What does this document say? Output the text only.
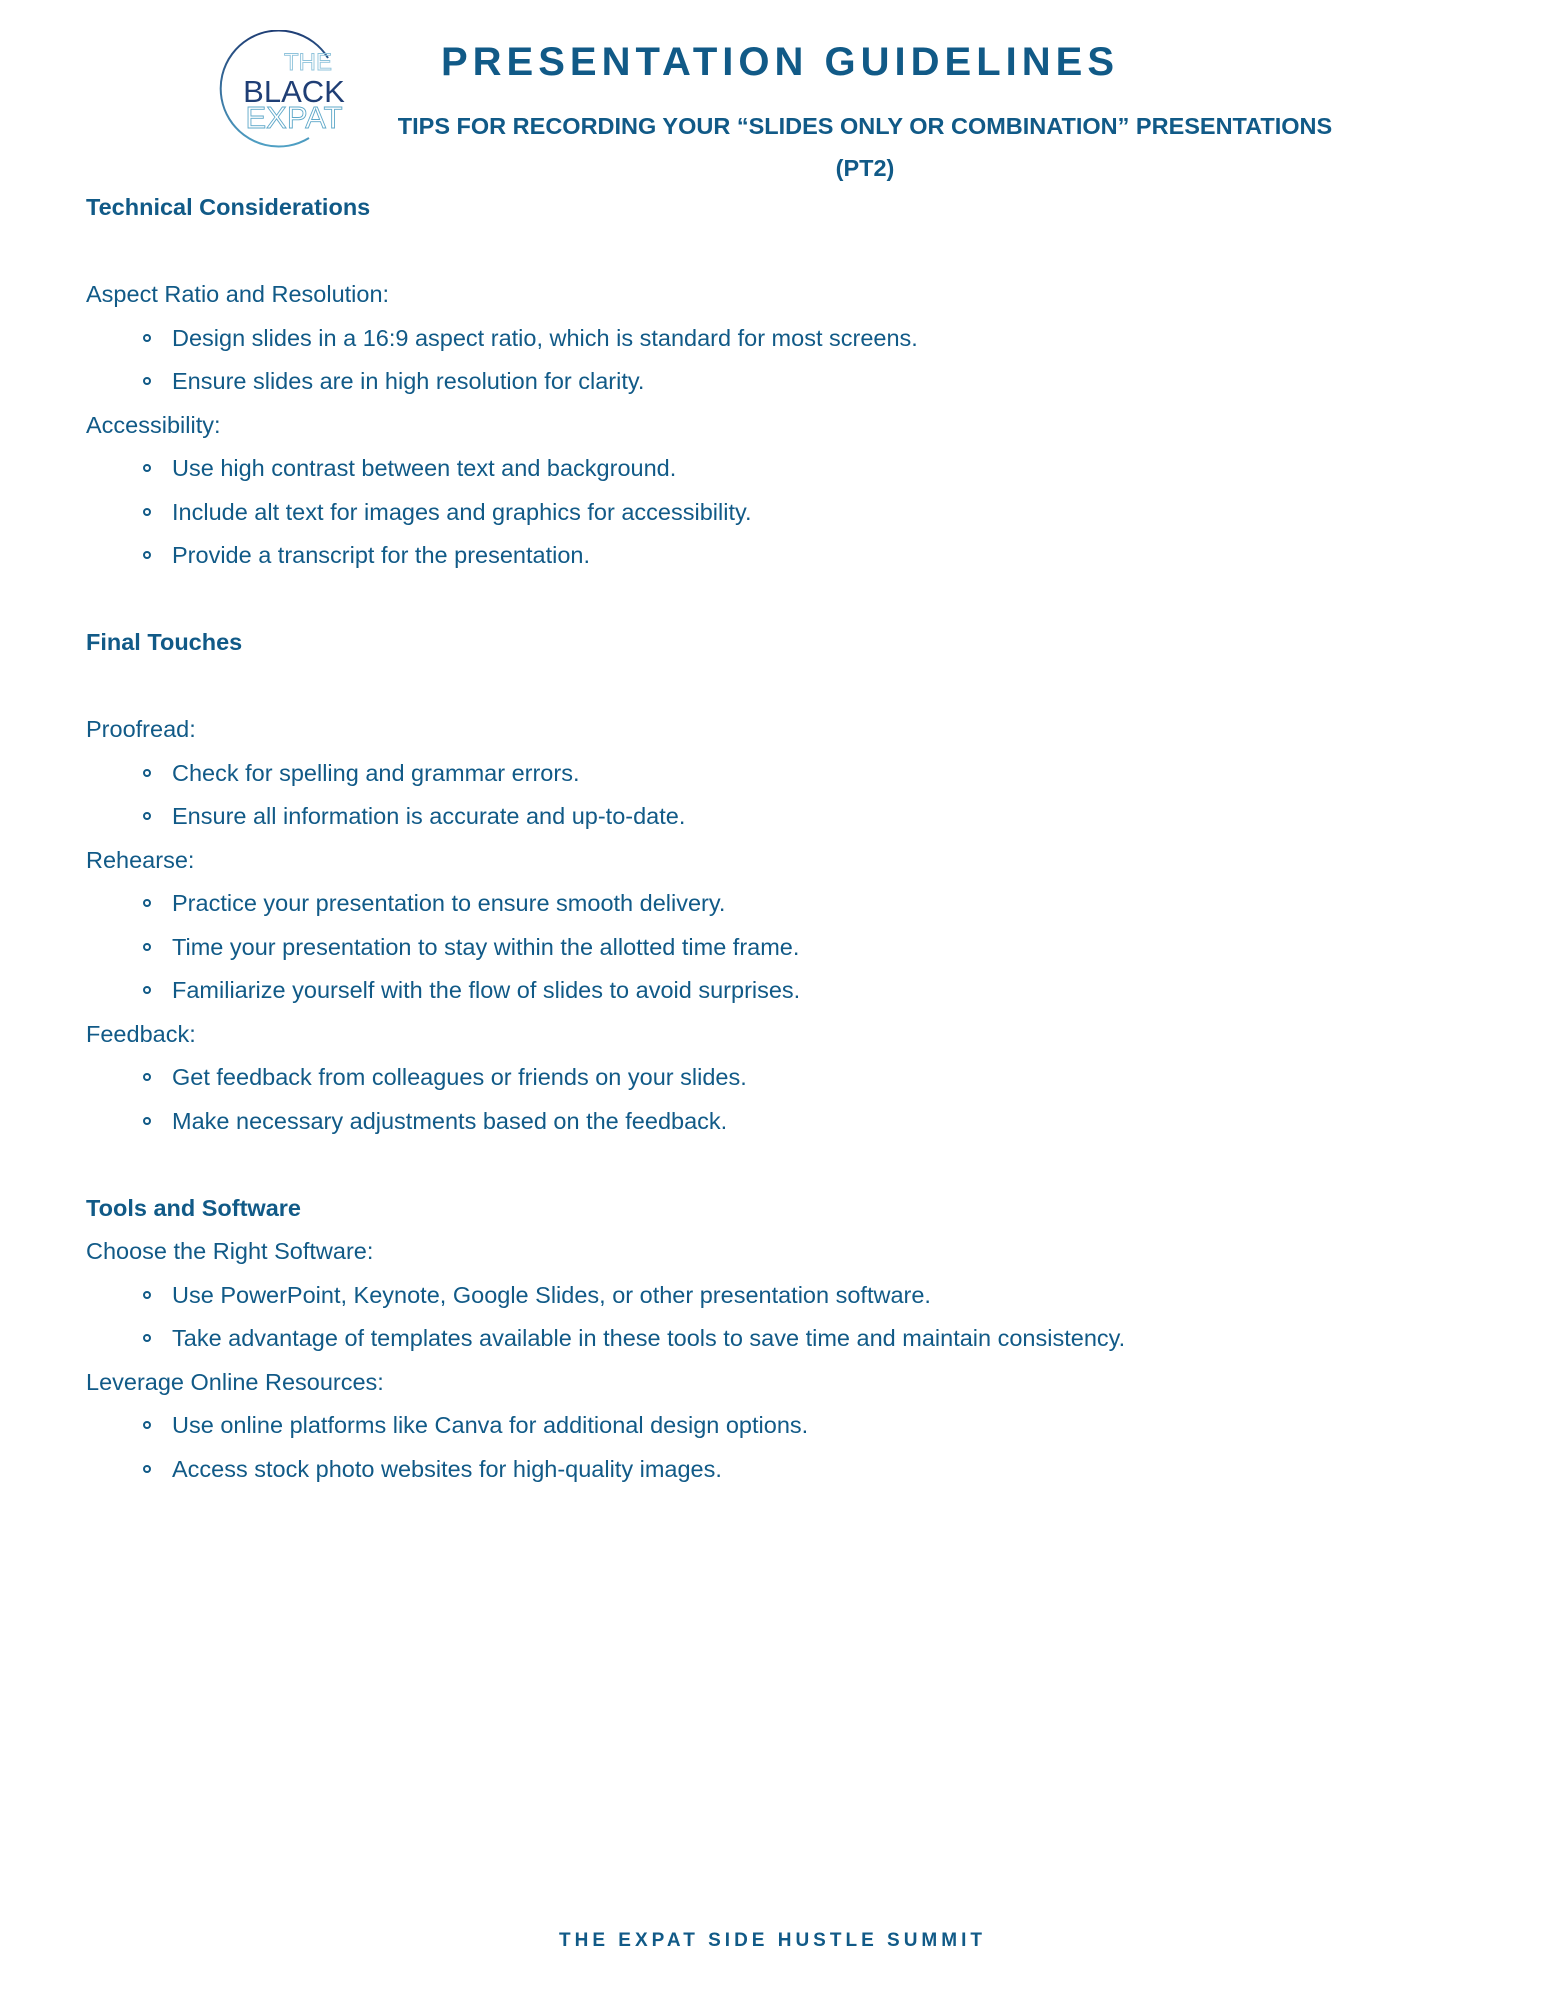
THE
BLACK
EXPAT
PRESENTATION GUIDELINES
TIPS FOR RECORDING YOUR “SLIDES ONLY OR COMBINATION” PRESENTATIONS
(PT2)
Technical Considerations
Aspect Ratio and Resolution:
Design slides in a 16:9 aspect ratio, which is standard for most screens.
Ensure slides are in high resolution for clarity.
Accessibility:
Use high contrast between text and background.
Include alt text for images and graphics for accessibility.
Provide a transcript for the presentation.
Final Touches
Proofread:
Check for spelling and grammar errors.
Ensure all information is accurate and up-to-date.
Rehearse:
Practice your presentation to ensure smooth delivery.
Time your presentation to stay within the allotted time frame.
Familiarize yourself with the flow of slides to avoid surprises.
Feedback:
Get feedback from colleagues or friends on your slides.
Make necessary adjustments based on the feedback.
Tools and Software
Choose the Right Software:
Use PowerPoint, Keynote, Google Slides, or other presentation software.
Take advantage of templates available in these tools to save time and maintain consistency.
Leverage Online Resources:
Use online platforms like Canva for additional design options.
Access stock photo websites for high-quality images.
THE EXPAT SIDE HUSTLE SUMMIT
